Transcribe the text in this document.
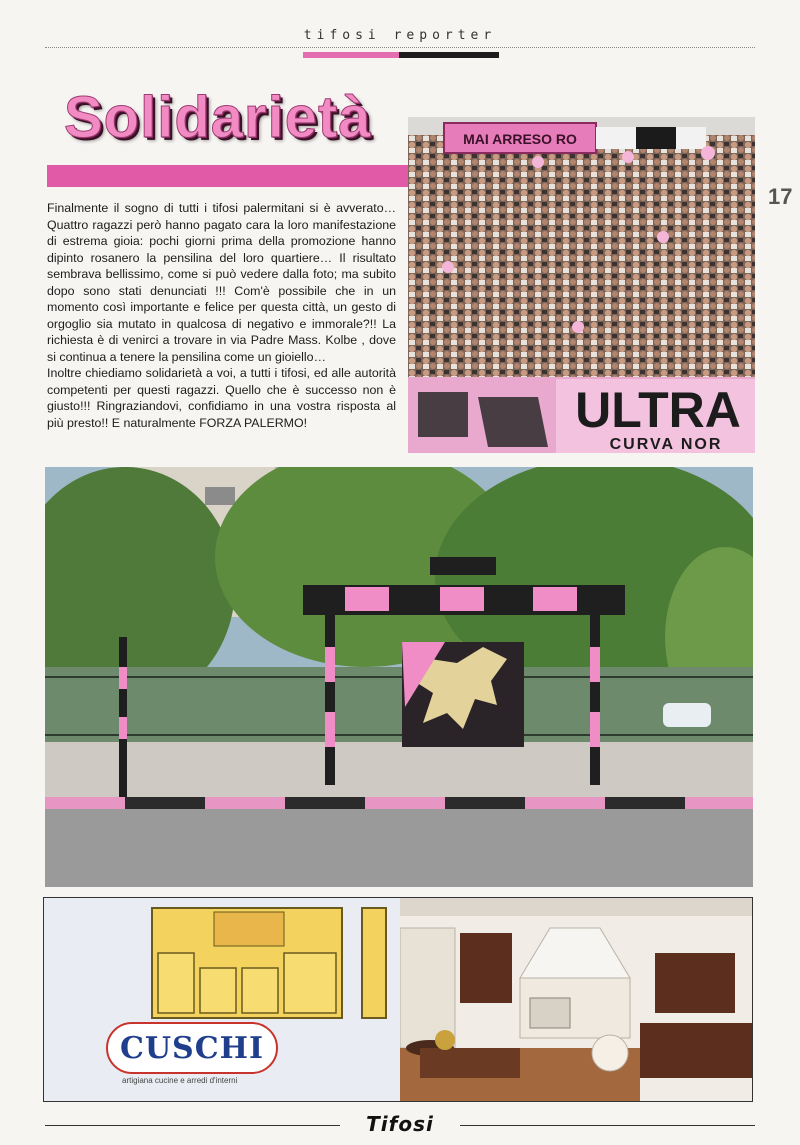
tifosi reporter
17
Solidarietà

Finalmente il sogno di tutti i tifosi palermitani si è avverato…Quattro ragazzi però hanno pagato cara la loro manifestazione di estrema gioia: pochi giorni prima della promozione hanno dipinto rosanero la pensilina del loro quartiere… Il risultato sembrava bellissimo, come si può vedere dalla foto; ma subito dopo sono stati denunciati !!! Com'è possibile che in un momento così importante e felice per questa città, un gesto di orgoglio sia mutato in qualcosa di negativo e immorale?!! La richiesta è di venirci a trovare in via Padre Mass. Kolbe , dove si continua a tenere la pensilina come un gioiello…

Inoltre chiediamo solidarietà a voi, a tutti i tifosi, ed alle autorità competenti per questi ragazzi. Quello che è successo non è giusto!!! Ringraziandovi, confidiamo in una vostra risposta al più presto!! E naturalmente FORZA PALERMO!

MAI ARRESO RO
ULTRA
CURVA NOR
CUSCHI
artigiana cucine e arredi d'interni
Tifosi
